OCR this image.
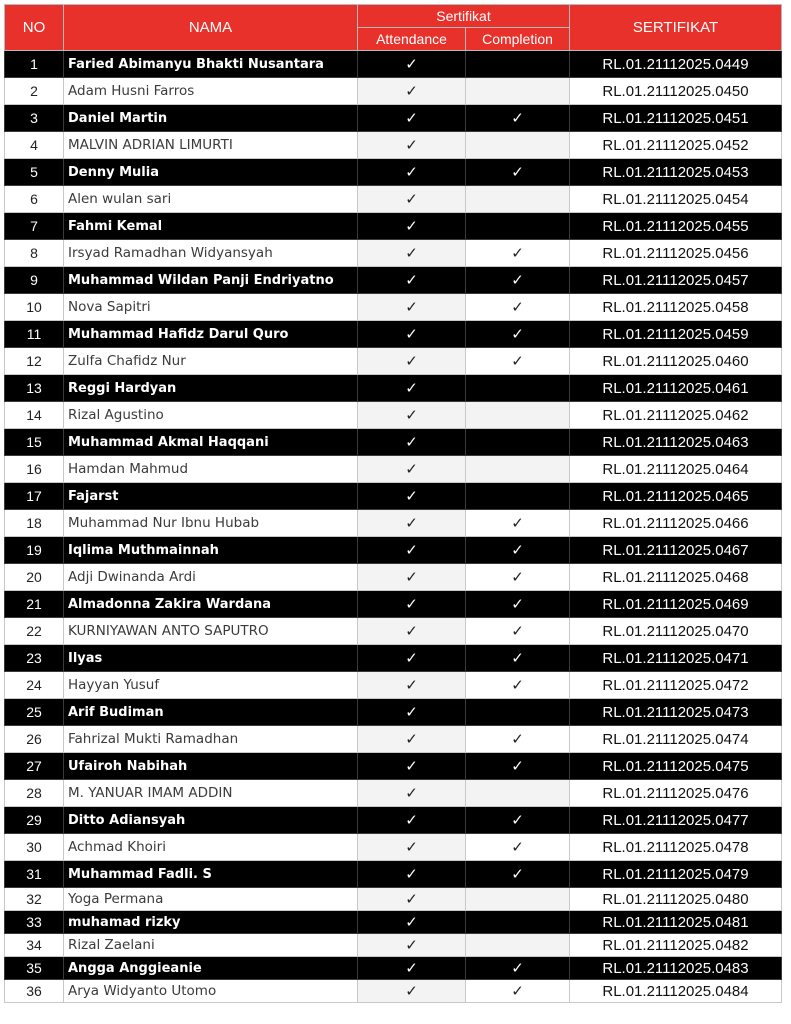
NO	NAMA	Sertifikat		SERTIFIKAT
		Attendance	Completion	
1	Faried Abimanyu Bhakti Nusantara	✓		RL.01.21112025.0449
2	Adam Husni Farros	✓		RL.01.21112025.0450
3	Daniel Martin	✓	✓	RL.01.21112025.0451
4	MALVIN ADRIAN LIMURTI	✓		RL.01.21112025.0452
5	Denny Mulia	✓	✓	RL.01.21112025.0453
6	Alen wulan sari	✓		RL.01.21112025.0454
7	Fahmi Kemal	✓		RL.01.21112025.0455
8	Irsyad Ramadhan Widyansyah	✓	✓	RL.01.21112025.0456
9	Muhammad Wildan Panji Endriyatno	✓	✓	RL.01.21112025.0457
10	Nova Sapitri	✓	✓	RL.01.21112025.0458
11	Muhammad Hafidz Darul Quro	✓	✓	RL.01.21112025.0459
12	Zulfa Chafidz Nur	✓	✓	RL.01.21112025.0460
13	Reggi Hardyan	✓		RL.01.21112025.0461
14	Rizal Agustino	✓		RL.01.21112025.0462
15	Muhammad Akmal Haqqani	✓		RL.01.21112025.0463
16	Hamdan Mahmud	✓		RL.01.21112025.0464
17	Fajarst	✓		RL.01.21112025.0465
18	Muhammad Nur Ibnu Hubab	✓	✓	RL.01.21112025.0466
19	Iqlima Muthmainnah	✓	✓	RL.01.21112025.0467
20	Adji Dwinanda Ardi	✓	✓	RL.01.21112025.0468
21	Almadonna Zakira Wardana	✓	✓	RL.01.21112025.0469
22	KURNIYAWAN ANTO SAPUTRO	✓	✓	RL.01.21112025.0470
23	Ilyas	✓	✓	RL.01.21112025.0471
24	Hayyan Yusuf	✓	✓	RL.01.21112025.0472
25	Arif Budiman	✓		RL.01.21112025.0473
26	Fahrizal Mukti Ramadhan	✓	✓	RL.01.21112025.0474
27	Ufairoh Nabihah	✓	✓	RL.01.21112025.0475
28	M. YANUAR IMAM ADDIN	✓		RL.01.21112025.0476
29	Ditto Adiansyah	✓	✓	RL.01.21112025.0477
30	Achmad Khoiri	✓	✓	RL.01.21112025.0478
31	Muhammad Fadli. S	✓	✓	RL.01.21112025.0479
32	Yoga Permana	✓		RL.01.21112025.0480
33	muhamad rizky	✓		RL.01.21112025.0481
34	Rizal Zaelani	✓		RL.01.21112025.0482
35	Angga Anggieanie	✓	✓	RL.01.21112025.0483
36	Arya Widyanto Utomo	✓	✓	RL.01.21112025.0484
